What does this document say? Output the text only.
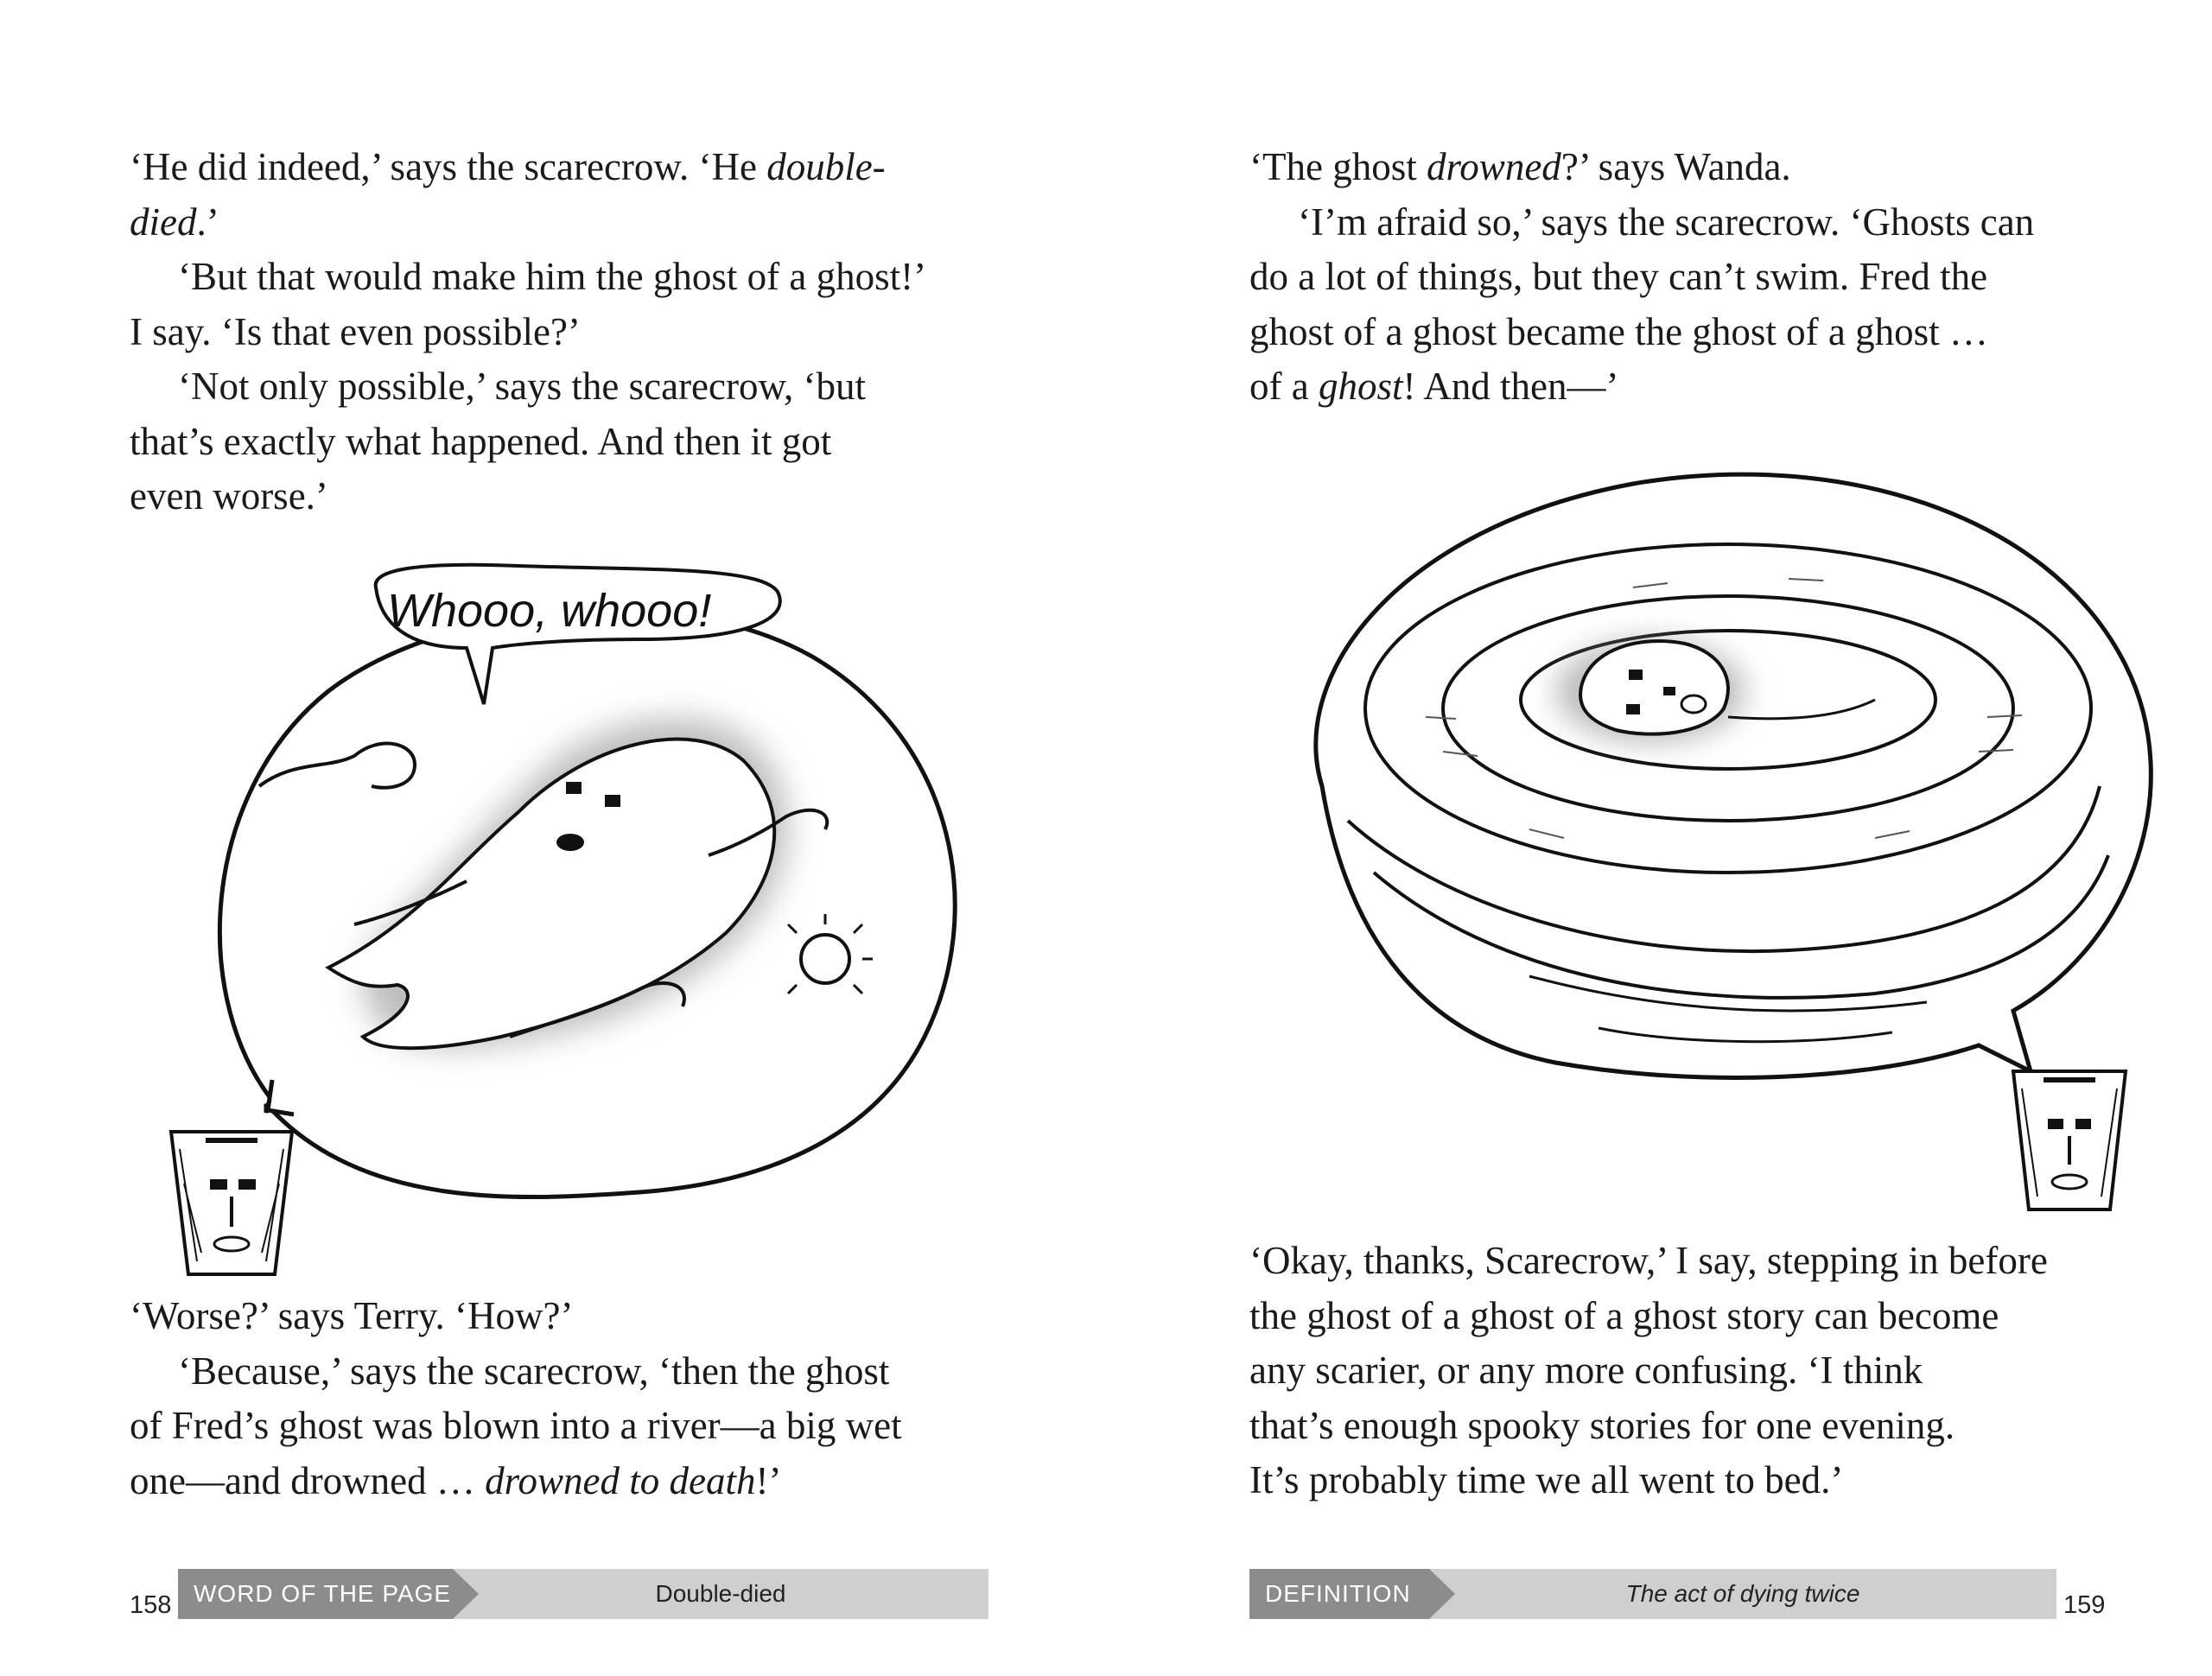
‘He did indeed,’ says the scarecrow. ‘He double-

died.’

‘But that would make him the ghost of a ghost!’

I say. ‘Is that even possible?’

‘Not only possible,’ says the scarecrow, ‘but

that’s exactly what happened. And then it got

even worse.’

Whooo, whooo!

‘Worse?’ says Terry. ‘How?’

‘Because,’ says the scarecrow, ‘then the ghost

of Fred’s ghost was blown into a river—a big wet

one—and drowned … drowned to death!’

158	Double-died
WORD OF THE PAGE

‘The ghost drowned?’ says Wanda.

‘I’m afraid so,’ says the scarecrow. ‘Ghosts can

do a lot of things, but they can’t swim. Fred the

ghost of a ghost became the ghost of a ghost …

of a ghost! And then—’

‘Okay, thanks, Scarecrow,’ I say, stepping in before

the ghost of a ghost of a ghost story can become

any scarier, or any more confusing. ‘I think

that’s enough spooky stories for one evening.

It’s probably time we all went to bed.’

The act of dying twice
DEFINITION	159
